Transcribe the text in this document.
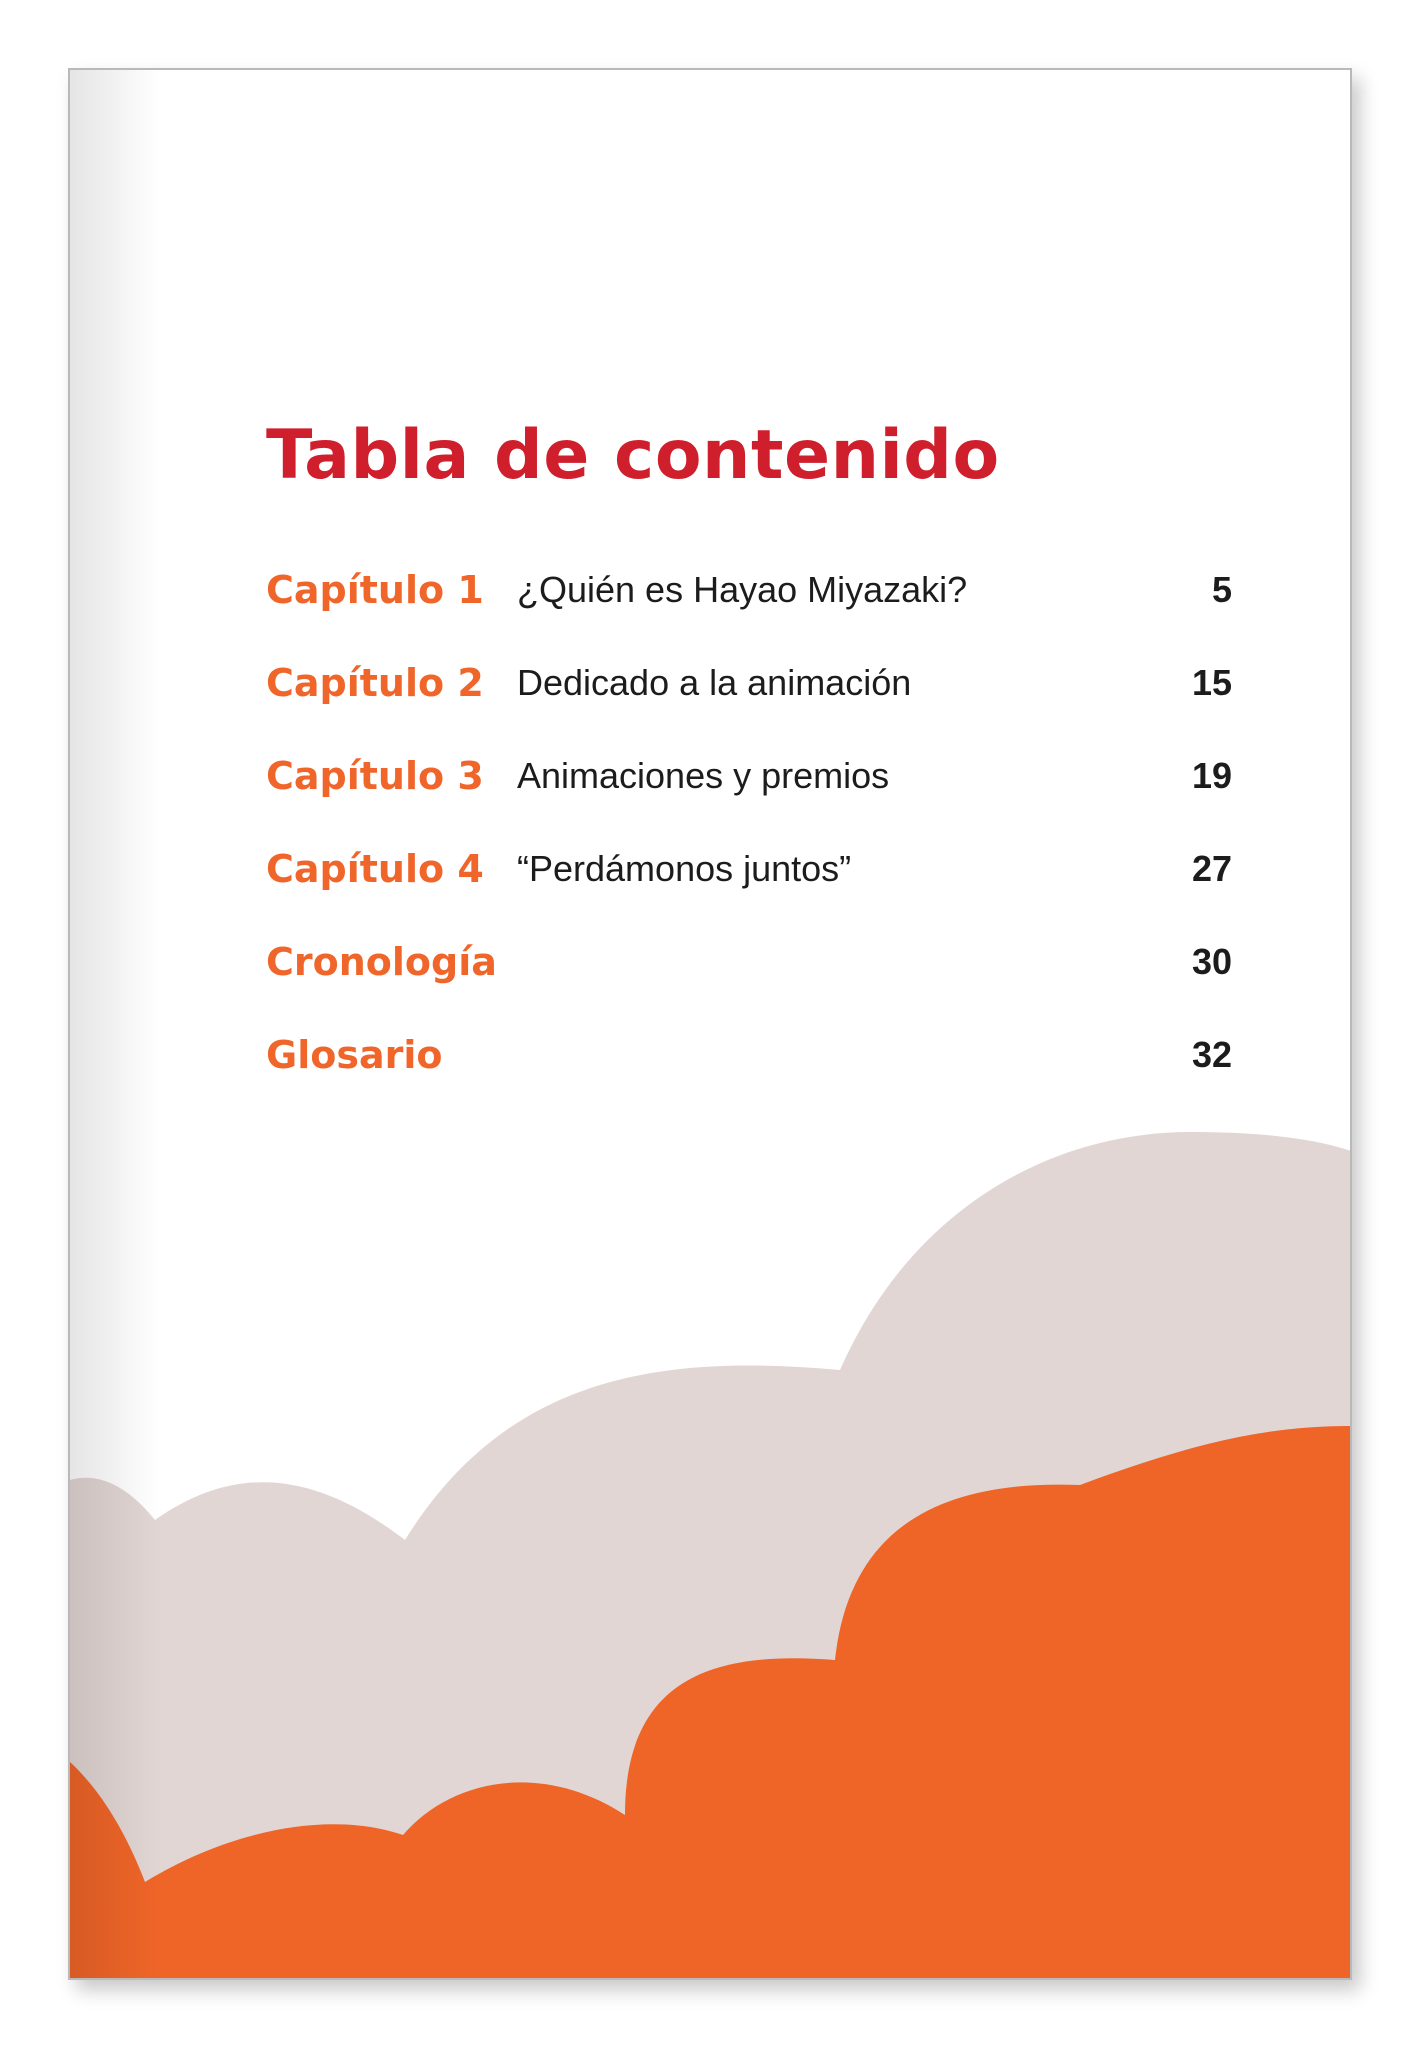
Tabla de contenido
Capítulo 1 ¿Quién es Hayao Miyazaki?	5
Capítulo 2 Dedicado a la animación	15
Capítulo 3 Animaciones y premios	19
Capítulo 4 “Perdámonos juntos”	27
Cronología	30
Glosario	32
